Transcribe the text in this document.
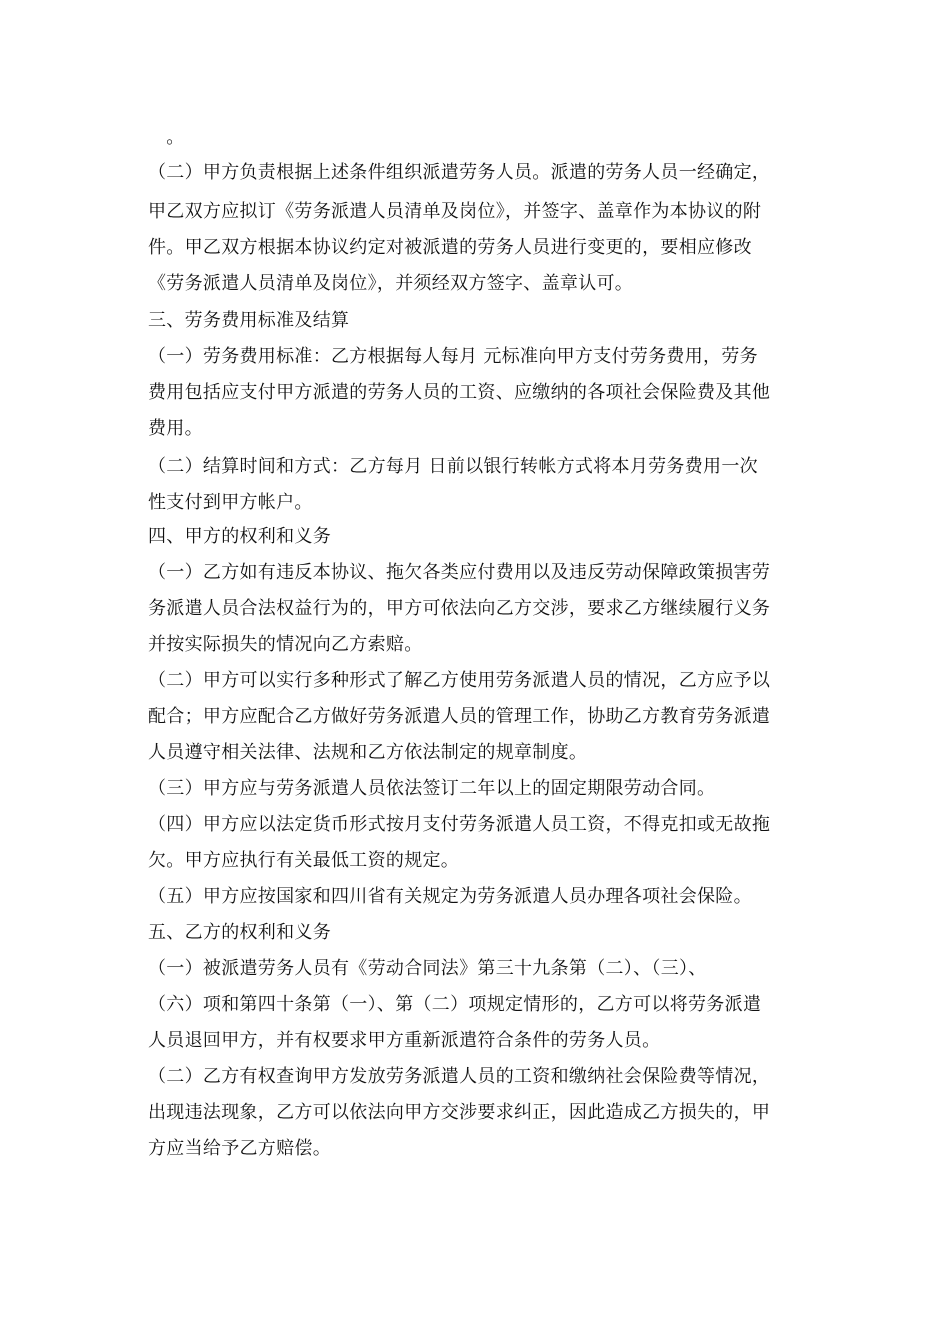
　。
（二）甲方负责根据上述条件组织派遣劳务人员。派遣的劳务人员一经确定，
甲乙双方应拟订《劳务派遣人员清单及岗位》，并签字、盖章作为本协议的附
件。甲乙双方根据本协议约定对被派遣的劳务人员进行变更的，要相应修改
《劳务派遣人员清单及岗位》，并须经双方签字、盖章认可。
三、劳务费用标准及结算
（一）劳务费用标准：乙方根据每人每月 元标准向甲方支付劳务费用，劳务
费用包括应支付甲方派遣的劳务人员的工资、应缴纳的各项社会保险费及其他
费用。
（二）结算时间和方式：乙方每月 日前以银行转帐方式将本月劳务费用一次
性支付到甲方帐户。
四、甲方的权利和义务
（一）乙方如有违反本协议、拖欠各类应付费用以及违反劳动保障政策损害劳
务派遣人员合法权益行为的，甲方可依法向乙方交涉，要求乙方继续履行义务
并按实际损失的情况向乙方索赔。
（二）甲方可以实行多种形式了解乙方使用劳务派遣人员的情况，乙方应予以
配合；甲方应配合乙方做好劳务派遣人员的管理工作，协助乙方教育劳务派遣
人员遵守相关法律、法规和乙方依法制定的规章制度。
（三）甲方应与劳务派遣人员依法签订二年以上的固定期限劳动合同。
（四）甲方应以法定货币形式按月支付劳务派遣人员工资，不得克扣或无故拖
欠。甲方应执行有关最低工资的规定。
（五）甲方应按国家和四川省有关规定为劳务派遣人员办理各项社会保险。
五、乙方的权利和义务
（一）被派遣劳务人员有《劳动合同法》第三十九条第（二）、（三）、
（六）项和第四十条第（一）、第（二）项规定情形的，乙方可以将劳务派遣
人员退回甲方，并有权要求甲方重新派遣符合条件的劳务人员。
（二）乙方有权查询甲方发放劳务派遣人员的工资和缴纳社会保险费等情况，
出现违法现象，乙方可以依法向甲方交涉要求纠正，因此造成乙方损失的，甲
方应当给予乙方赔偿。
